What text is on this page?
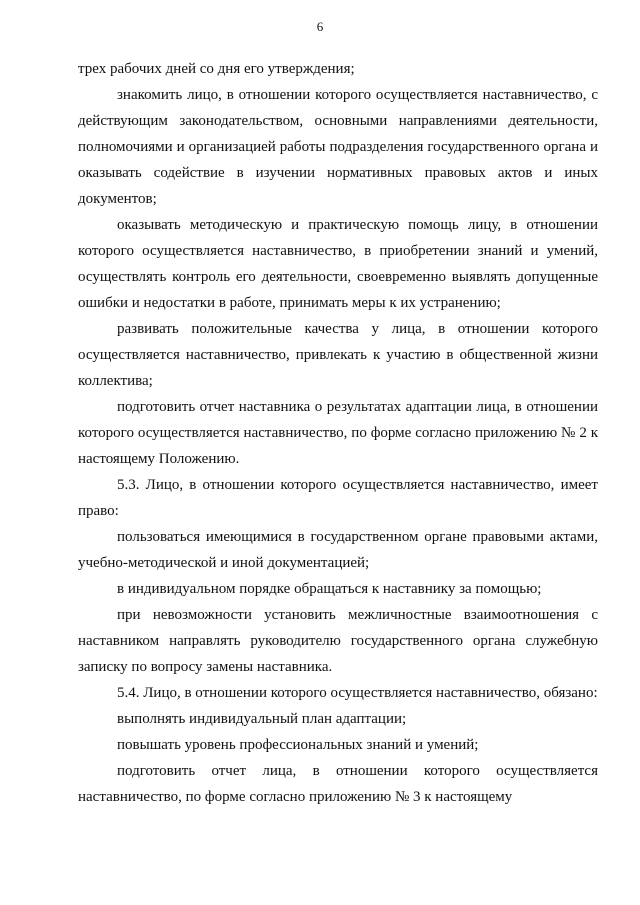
6

трех рабочих дней со дня его утверждения;

знакомить лицо, в отношении которого осуществляется наставничество, с действующим законодательством, основными направлениями деятельности, полномочиями и организацией работы подразделения государственного органа и оказывать содействие в изучении нормативных правовых актов и иных документов;

оказывать методическую и практическую помощь лицу, в отношении которого осуществляется наставничество, в приобретении знаний и умений, осуществлять контроль его деятельности, своевременно выявлять допущенные ошибки и недостатки в работе, принимать меры к их устранению;

развивать положительные качества у лица, в отношении которого осуществляется наставничество, привлекать к участию в общественной жизни коллектива;

подготовить отчет наставника о результатах адаптации лица, в отношении которого осуществляется наставничество, по форме согласно приложению № 2 к настоящему Положению.

5.3. Лицо, в отношении которого осуществляется наставничество, имеет право:

пользоваться имеющимися в государственном органе правовыми актами, учебно-методической и иной документацией;

в индивидуальном порядке обращаться к наставнику за помощью;

при невозможности установить межличностные взаимоотношения с наставником направлять руководителю государственного органа служебную записку по вопросу замены наставника.

5.4. Лицо, в отношении которого осуществляется наставничество, обязано:

выполнять индивидуальный план адаптации;

повышать уровень профессиональных знаний и умений;

подготовить отчет лица, в отношении которого осуществляется наставничество, по форме согласно приложению № 3 к настоящему
